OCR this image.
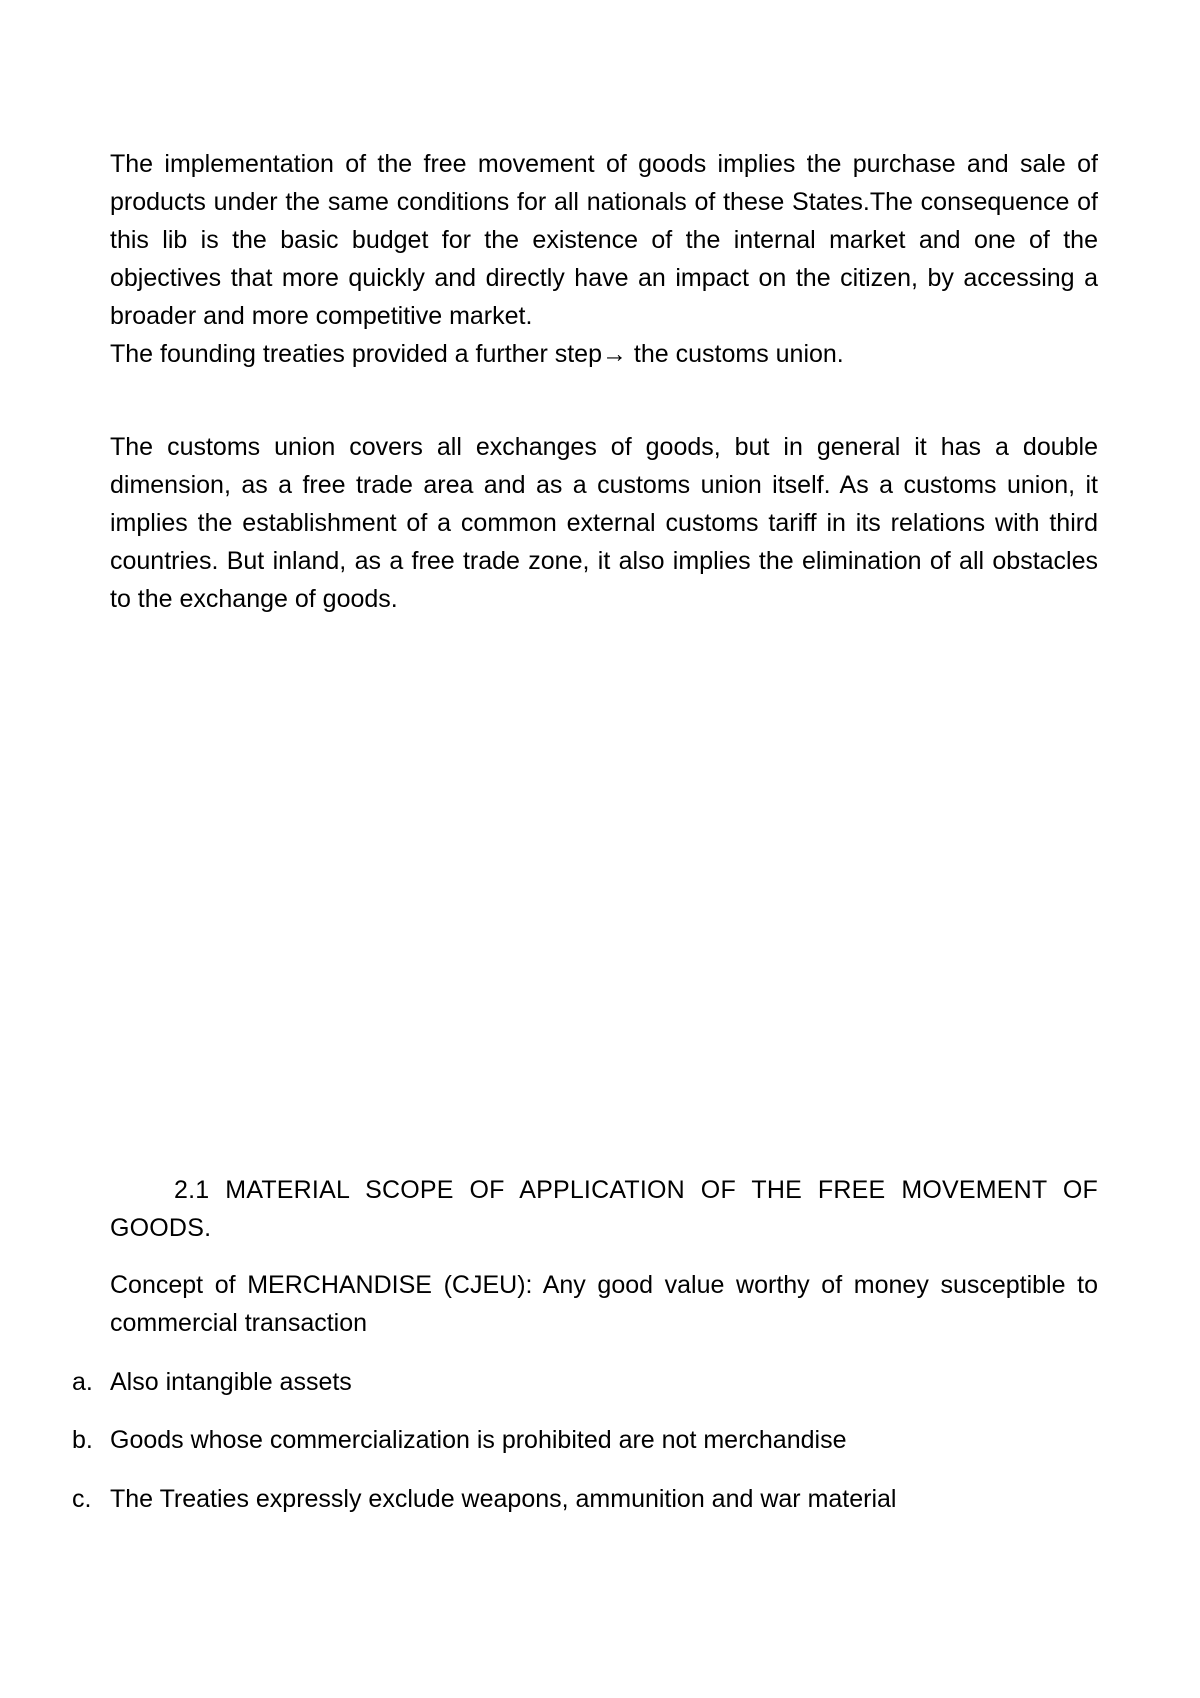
The implementation of the free movement of goods implies the purchase and sale of products under the same conditions for all nationals of these States.The consequence of this lib is the basic budget for the existence of the internal market and one of the objectives that more quickly and directly have an impact on the citizen, by accessing a broader and more competitive market.

The founding treaties provided a further step→ the customs union.

The customs union covers all exchanges of goods, but in general it has a double dimension, as a free trade area and as a customs union itself. As a customs union, it implies the establishment of a common external customs tariff in its relations with third countries. But inland, as a free trade zone, it also implies the elimination of all obstacles to the exchange of goods.

2.1 MATERIAL SCOPE OF APPLICATION OF THE FREE MOVEMENT OF GOODS.

Concept of MERCHANDISE (CJEU): Any good value worthy of money susceptible to commercial transaction

a. Also intangible assets
b. Goods whose commercialization is prohibited are not merchandise
c. The Treaties expressly exclude weapons, ammunition and war material
